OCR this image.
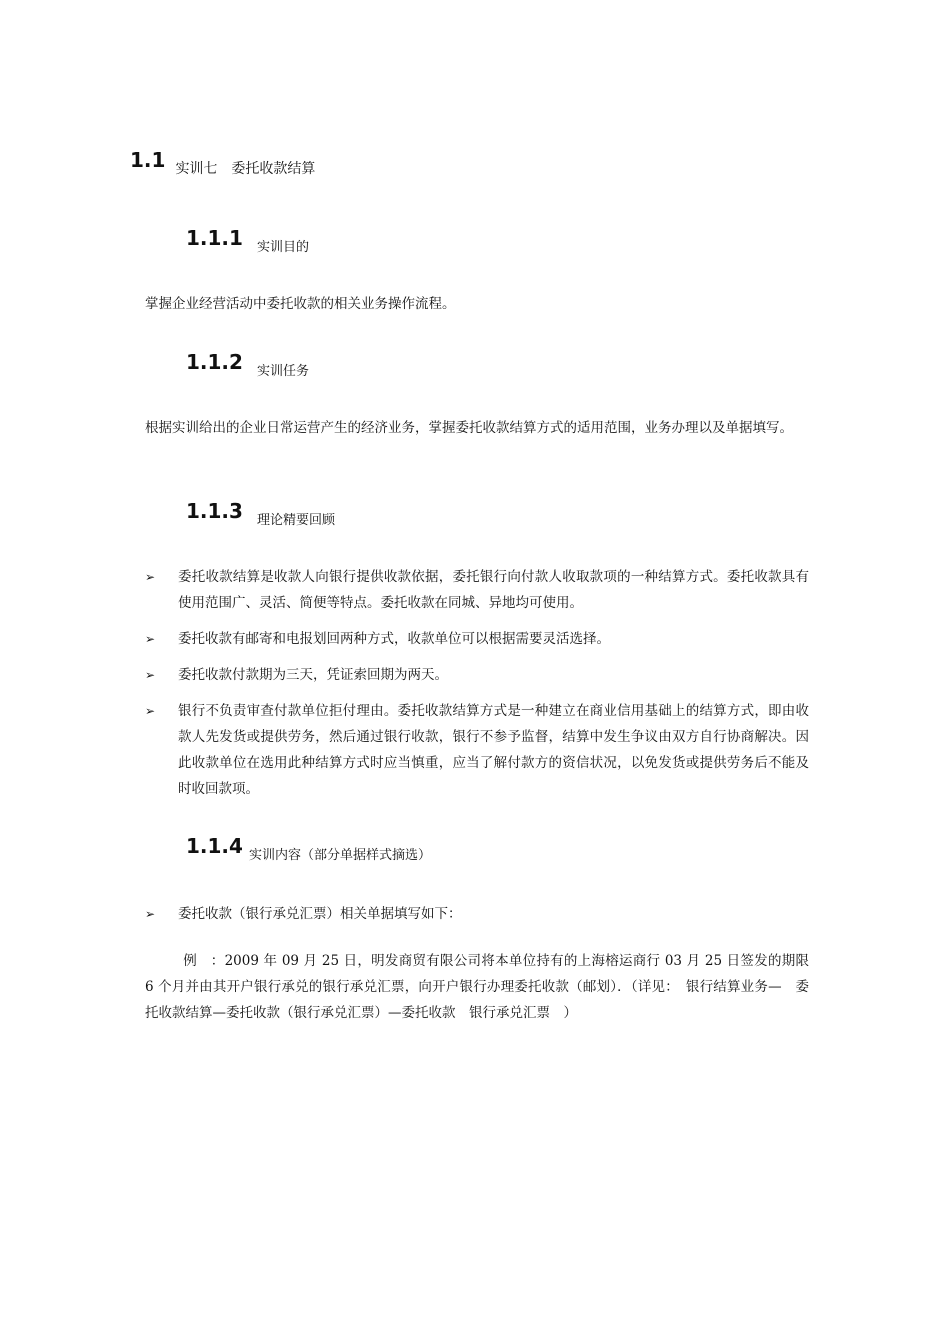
1.1 实训七　委托收款结算
1.1.1 实训目的
掌握企业经营活动中委托收款的相关业务操作流程。
1.1.2 实训任务
根据实训给出的企业日常运营产生的经济业务，掌握委托收款结算方式的适用范围，业务办理以及单据填写。
1.1.3 理论精要回顾
➢	委托收款结算是收款人向银行提供收款依据，委托银行向付款人收取款项的一种结算方式。委托收款具有使用范围广、灵活、简便等特点。委托收款在同城、异地均可使用。
➢	委托收款有邮寄和电报划回两种方式，收款单位可以根据需要灵活选择。
➢	委托收款付款期为三天，凭证索回期为两天。
➢	银行不负责审查付款单位拒付理由。委托收款结算方式是一种建立在商业信用基础上的结算方式，即由收款人先发货或提供劳务，然后通过银行收款，银行不参予监督，结算中发生争议由双方自行协商解决。因此收款单位在选用此种结算方式时应当慎重，应当了解付款方的资信状况，以免发货或提供劳务后不能及时收回款项。
1.1.4 实训内容（部分单据样式摘选）
➢	委托收款（银行承兑汇票）相关单据填写如下：
例　：2009 年 09 月 25 日，明发商贸有限公司将本单位持有的上海榕运商行 03 月 25 日签发的期限 6 个月并由其开户银行承兑的银行承兑汇票，向开户银行办理委托收款（邮划）．（详见：　银行结算业务—　委托收款结算—委托收款（银行承兑汇票）—委托收款　银行承兑汇票　）
